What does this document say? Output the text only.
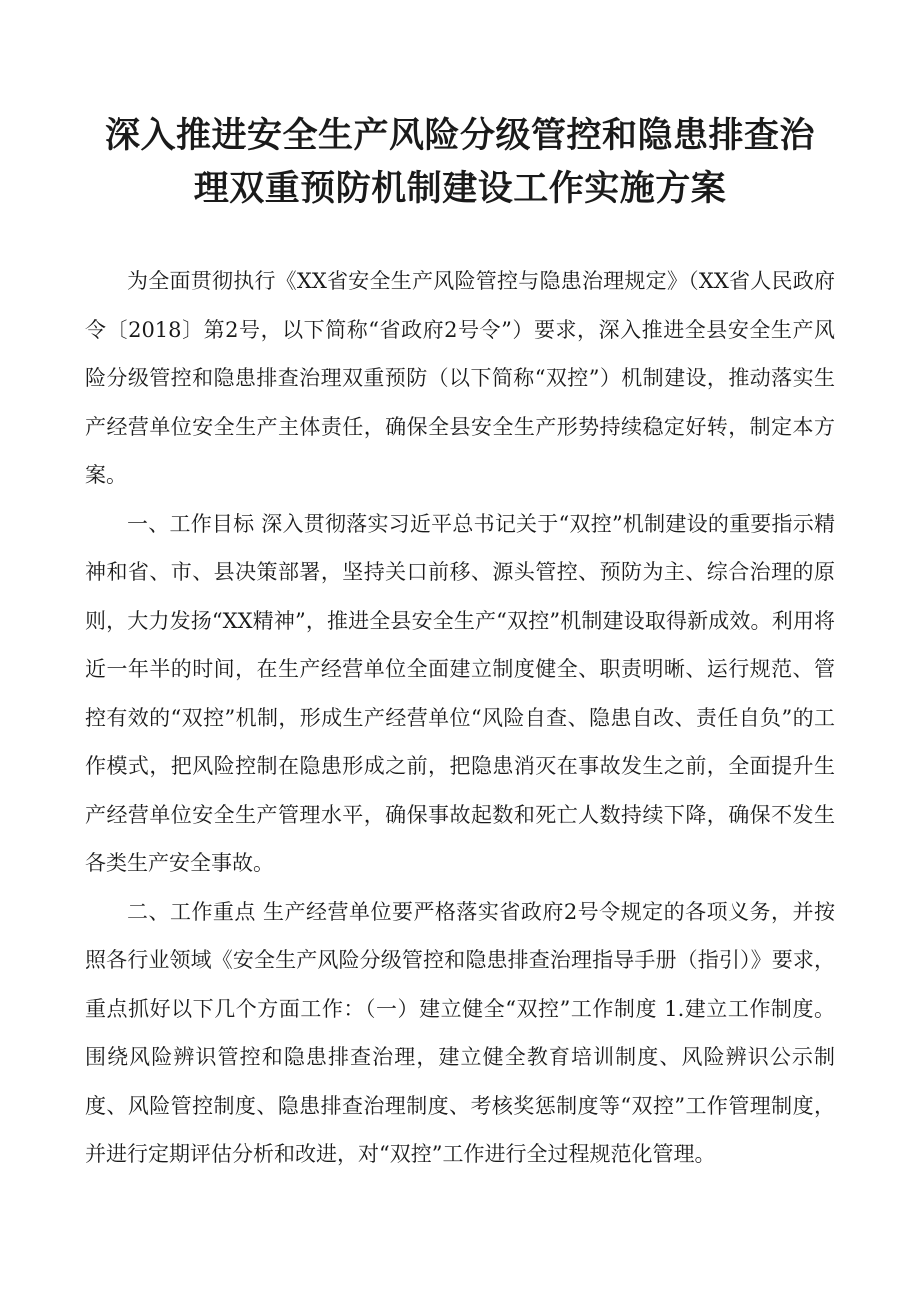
深入推进安全生产风险分级管控和隐患排查治
理双重预防机制建设工作实施方案

为全面贯彻执行《XX省安全生产风险管控与隐患治理规定》（XX省人民政府令〔2018〕第2号，以下简称“省政府2号令”）要求，深入推进全县安全生产风险分级管控和隐患排查治理双重预防（以下简称“双控”）机制建设，推动落实生产经营单位安全生产主体责任，确保全县安全生产形势持续稳定好转，制定本方案。

一、工作目标 深入贯彻落实习近平总书记关于“双控”机制建设的重要指示精神和省、市、县决策部署，坚持关口前移、源头管控、预防为主、综合治理的原则，大力发扬“XX精神”，推进全县安全生产“双控”机制建设取得新成效。利用将近一年半的时间，在生产经营单位全面建立制度健全、职责明晰、运行规范、管控有效的“双控”机制，形成生产经营单位“风险自查、隐患自改、责任自负”的工作模式，把风险控制在隐患形成之前，把隐患消灭在事故发生之前，全面提升生产经营单位安全生产管理水平，确保事故起数和死亡人数持续下降，确保不发生各类生产安全事故。

二、工作重点 生产经营单位要严格落实省政府2号令规定的各项义务，并按照各行业领域《安全生产风险分级管控和隐患排查治理指导手册（指引）》要求，重点抓好以下几个方面工作：（一）建立健全“双控”工作制度 1.建立工作制度。围绕风险辨识管控和隐患排查治理，建立健全教育培训制度、风险辨识公示制度、风险管控制度、隐患排查治理制度、考核奖惩制度等“双控”工作管理制度，并进行定期评估分析和改进，对“双控”工作进行全过程规范化管理。
